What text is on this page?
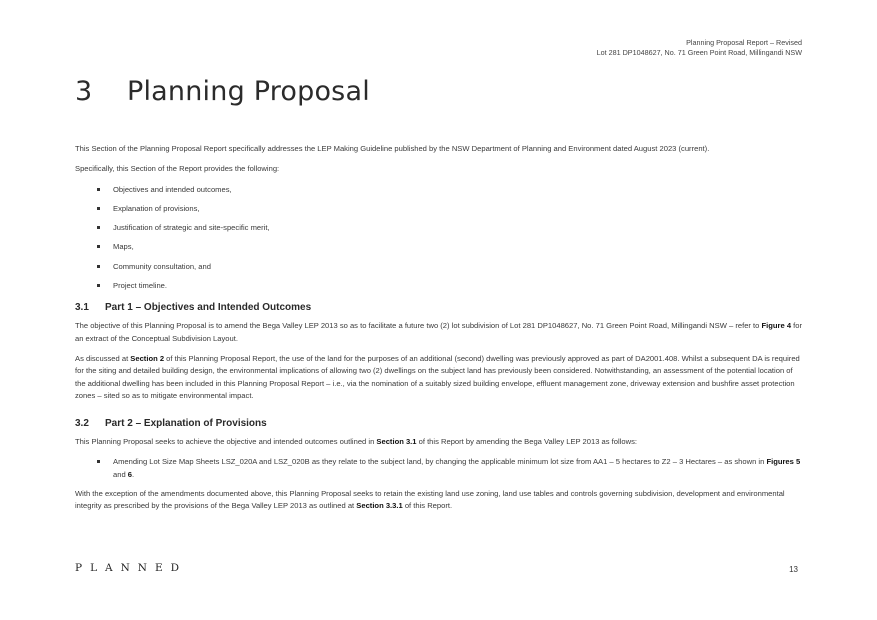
Planning Proposal Report – Revised
Lot 281 DP1048627, No. 71 Green Point Road, Millingandi NSW
3 Planning Proposal

This Section of the Planning Proposal Report specifically addresses the LEP Making Guideline published by the NSW Department of Planning and Environment dated August 2023 (current).

Specifically, this Section of the Report provides the following:

Objectives and intended outcomes,
Explanation of provisions,
Justification of strategic and site-specific merit,
Maps,
Community consultation, and
Project timeline.
3.1 Part 1 – Objectives and Intended Outcomes

The objective of this Planning Proposal is to amend the Bega Valley LEP 2013 so as to facilitate a future two (2) lot subdivision of Lot 281 DP1048627, No. 71 Green Point Road, Millingandi NSW – refer to Figure 4 for an extract of the Conceptual Subdivision Layout.

As discussed at Section 2 of this Planning Proposal Report, the use of the land for the purposes of an additional (second) dwelling was previously approved as part of DA2001.408. Whilst a subsequent DA is required for the siting and detailed building design, the environmental implications of allowing two (2) dwellings on the subject land has previously been considered. Notwithstanding, an assessment of the potential location of the additional dwelling has been included in this Planning Proposal Report – i.e., via the nomination of a suitably sized building envelope, effluent management zone, driveway extension and bushfire asset protection zones – sited so as to mitigate environmental impact.

3.2 Part 2 – Explanation of Provisions

This Planning Proposal seeks to achieve the objective and intended outcomes outlined in Section 3.1 of this Report by amending the Bega Valley LEP 2013 as follows:

Amending Lot Size Map Sheets LSZ_020A and LSZ_020B as they relate to the subject land, by changing the applicable minimum lot size from AA1 – 5 hectares to Z2 – 3 Hectares – as shown in Figures 5 and 6.

With the exception of the amendments documented above, this Planning Proposal seeks to retain the existing land use zoning, land use tables and controls governing subdivision, development and environmental integrity as prescribed by the provisions of the Bega Valley LEP 2013 as outlined at Section 3.3.1 of this Report.

PLANNED	13
